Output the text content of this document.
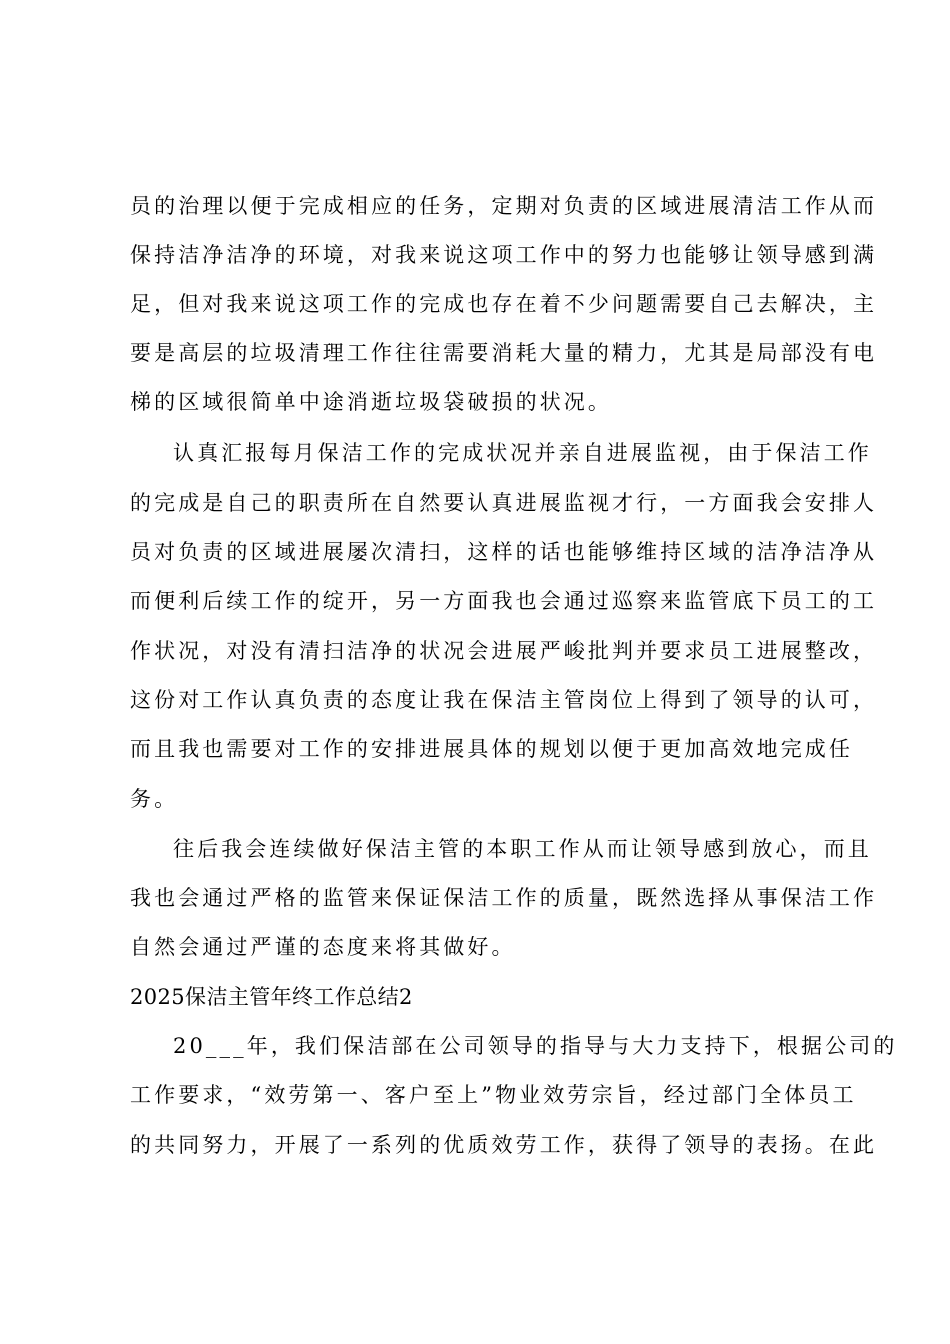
员的治理以便于完成相应的任务，定期对负责的区域进展清洁工作从而
保持洁净洁净的环境，对我来说这项工作中的努力也能够让领导感到满
足，但对我来说这项工作的完成也存在着不少问题需要自己去解决，主
要是高层的垃圾清理工作往往需要消耗大量的精力，尤其是局部没有电
梯的区域很简单中途消逝垃圾袋破损的状况。
认真汇报每月保洁工作的完成状况并亲自进展监视，由于保洁工作
的完成是自己的职责所在自然要认真进展监视才行，一方面我会安排人
员对负责的区域进展屡次清扫，这样的话也能够维持区域的洁净洁净从
而便利后续工作的绽开，另一方面我也会通过巡察来监管底下员工的工
作状况，对没有清扫洁净的状况会进展严峻批判并要求员工进展整改，
这份对工作认真负责的态度让我在保洁主管岗位上得到了领导的认可，
而且我也需要对工作的安排进展具体的规划以便于更加高效地完成任
务。
往后我会连续做好保洁主管的本职工作从而让领导感到放心，而且
我也会通过严格的监管来保证保洁工作的质量，既然选择从事保洁工作
自然会通过严谨的态度来将其做好。
2025保洁主管年终工作总结2
20___年，我们保洁部在公司领导的指导与大力支持下，根据公司的
工作要求，“效劳第一、客户至上”物业效劳宗旨，经过部门全体员工
的共同努力，开展了一系列的优质效劳工作，获得了领导的表扬。在此
